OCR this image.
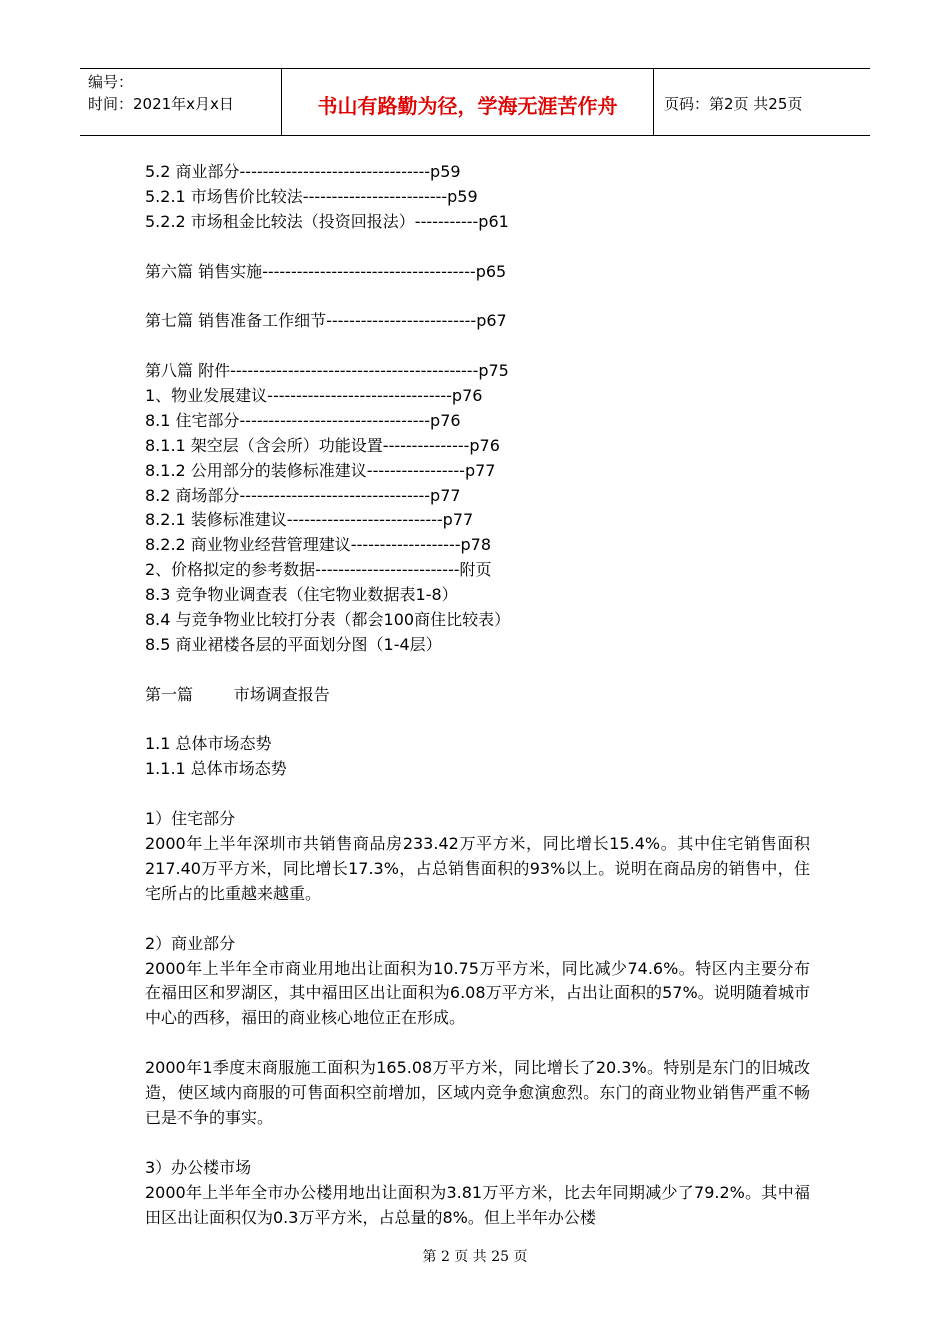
编号：
时间：2021年x月x日	书山有路勤为径，学海无涯苦作舟	页码：第2页 共25页
5.2 商业部分---------------------------------p59
5.2.1 市场售价比较法-------------------------p59
5.2.2 市场租金比较法（投资回报法）-----------p61
第六篇 销售实施-------------------------------------p65
第七篇 销售准备工作细节--------------------------p67
第八篇 附件-------------------------------------------p75
1、物业发展建议--------------------------------p76
8.1 住宅部分---------------------------------p76
8.1.1 架空层（含会所）功能设置---------------p76
8.1.2 公用部分的装修标准建议-----------------p77
8.2 商场部分---------------------------------p77
8.2.1 装修标准建议---------------------------p77
8.2.2 商业物业经营管理建议-------------------p78
2、价格拟定的参考数据-------------------------附页
8.3 竞争物业调查表（住宅物业数据表1-8）
8.4 与竞争物业比较打分表（都会100商住比较表）
8.5 商业裙楼各层的平面划分图（1-4层）
第一篇        市场调查报告
1.1 总体市场态势
1.1.1 总体市场态势
1）住宅部分
2000年上半年深圳市共销售商品房233.42万平方米，同比增长15.4%。其中住宅销售面积217.40万平方米，同比增长17.3%，占总销售面积的93%以上。说明在商品房的销售中，住宅所占的比重越来越重。
2）商业部分
2000年上半年全市商业用地出让面积为10.75万平方米，同比减少74.6%。特区内主要分布在福田区和罗湖区，其中福田区出让面积为6.08万平方米，占出让面积的57%。说明随着城市中心的西移，福田的商业核心地位正在形成。
2000年1季度末商服施工面积为165.08万平方米，同比增长了20.3%。特别是东门的旧城改造，使区域内商服的可售面积空前增加，区域内竞争愈演愈烈。东门的商业物业销售严重不畅已是不争的事实。
3）办公楼市场
2000年上半年全市办公楼用地出让面积为3.81万平方米，比去年同期减少了79.2%。其中福田区出让面积仅为0.3万平方米，占总量的8%。但上半年办公楼
第 2 页 共 25 页
